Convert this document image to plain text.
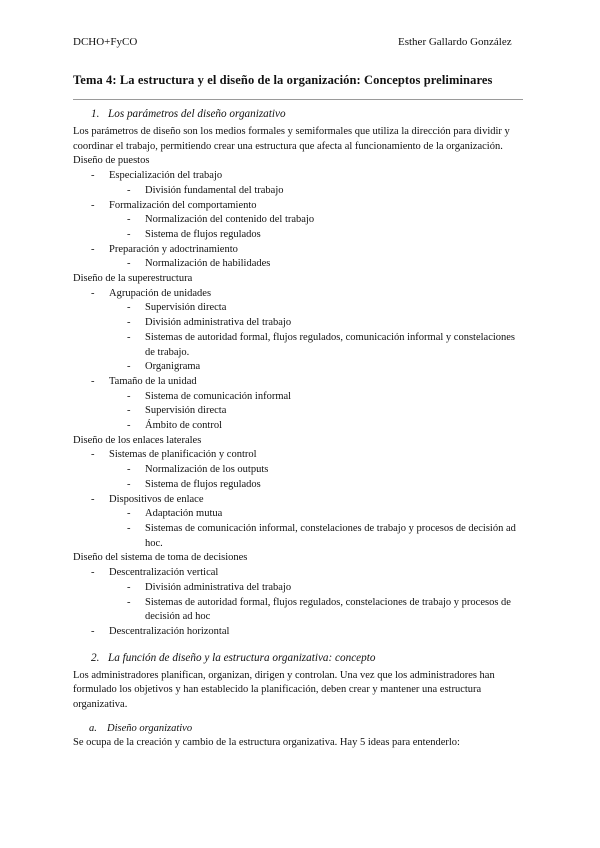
DCHO+FyCO	Esther Gallardo González
Tema 4: La estructura y el diseño de la organización: Conceptos preliminares
1. Los parámetros del diseño organizativo

Los parámetros de diseño son los medios formales y semiformales que utiliza la dirección para dividir y coordinar el trabajo, permitiendo crear una estructura que afecta al funcionamiento de la organización.

Diseño de puestos

-	Especialización del trabajo
-	División fundamental del trabajo
-	Formalización del comportamiento
-	Normalización del contenido del trabajo
-	Sistema de flujos regulados
-	Preparación y adoctrinamiento
-	Normalización de habilidades

Diseño de la superestructura

-	Agrupación de unidades
-	Supervisión directa
-	División administrativa del trabajo
-	Sistemas de autoridad formal, flujos regulados, comunicación informal y constelaciones de trabajo.
-	Organigrama
-	Tamaño de la unidad
-	Sistema de comunicación informal
-	Supervisión directa
-	Ámbito de control

Diseño de los enlaces laterales

-	Sistemas de planificación y control
-	Normalización de los outputs
-	Sistema de flujos regulados
-	Dispositivos de enlace
-	Adaptación mutua
-	Sistemas de comunicación informal, constelaciones de trabajo y procesos de decisión ad hoc.

Diseño del sistema de toma de decisiones

-	Descentralización vertical
-	División administrativa del trabajo
-	Sistemas de autoridad formal, flujos regulados, constelaciones de trabajo y procesos de decisión ad hoc
-	Descentralización horizontal
2. La función de diseño y la estructura organizativa: concepto

Los administradores planifican, organizan, dirigen y controlan. Una vez que los administradores han formulado los objetivos y han establecido la planificación, deben crear y mantener una estructura organizativa.

a. Diseño organizativo

Se ocupa de la creación y cambio de la estructura organizativa. Hay 5 ideas para entenderlo:
